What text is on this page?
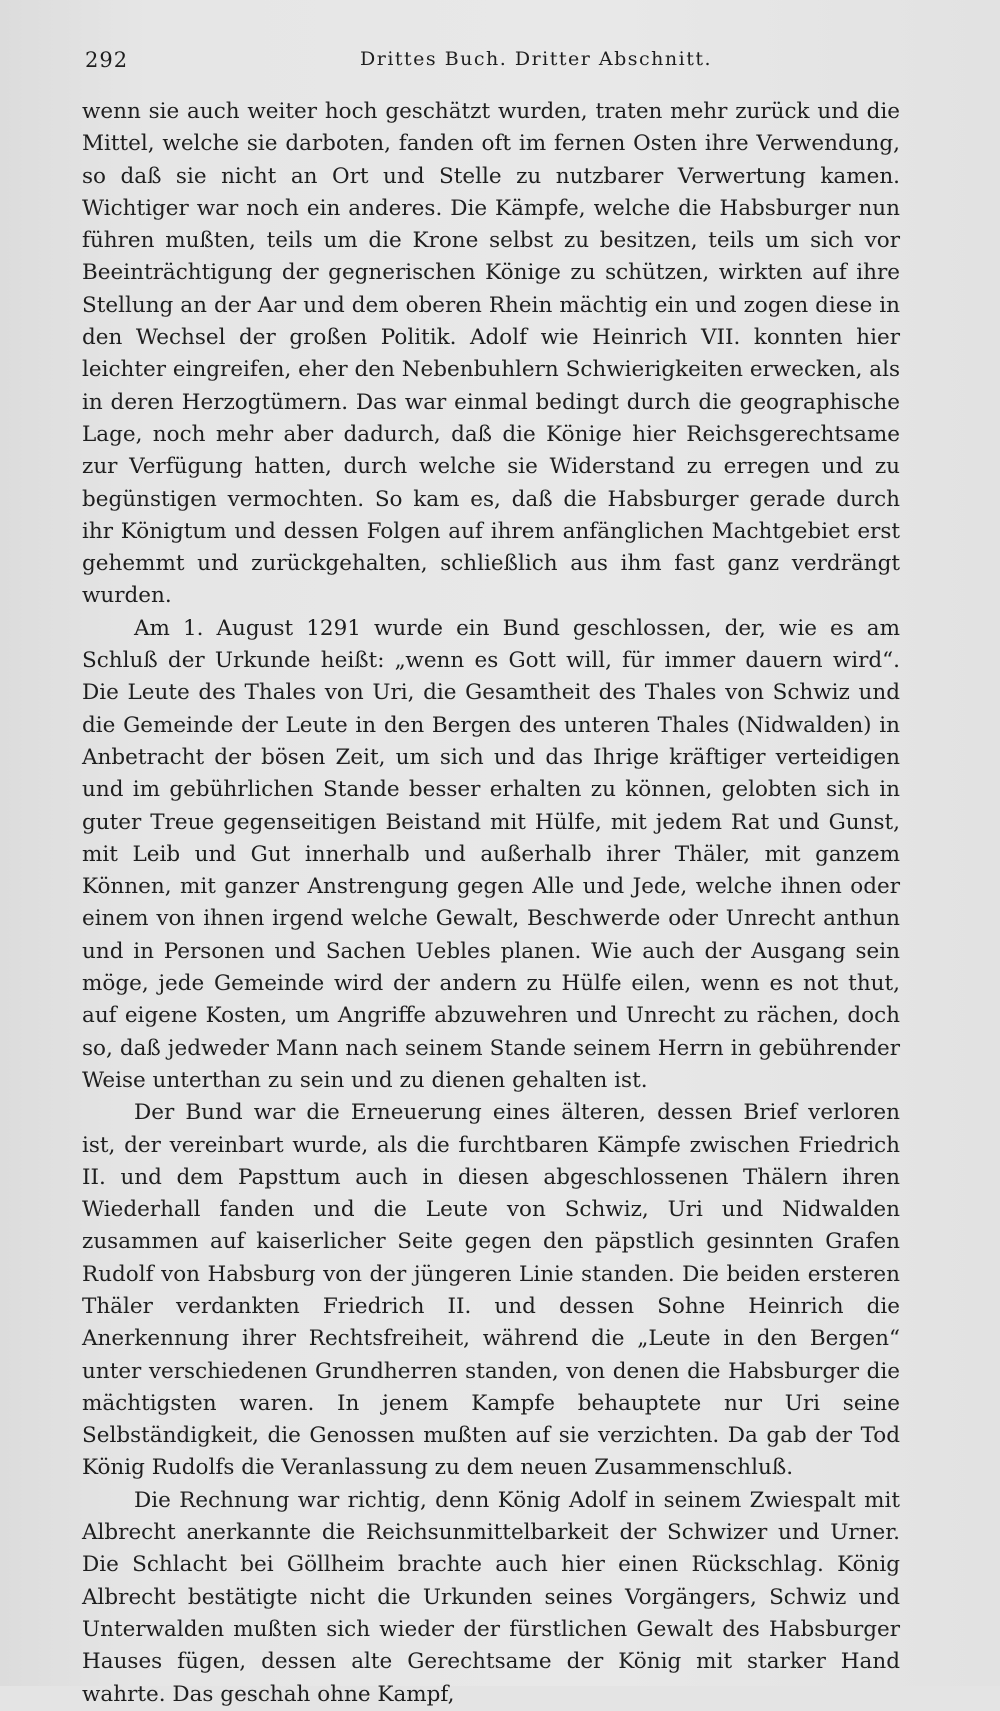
292	Drittes Buch. Dritter Abschnitt.

wenn sie auch weiter hoch geschätzt wurden, traten mehr zurück und die Mittel, welche sie darboten, fanden oft im fernen Osten ihre Verwendung, so daß sie nicht an Ort und Stelle zu nutzbarer Verwertung kamen. Wichtiger war noch ein anderes. Die Kämpfe, welche die Habsburger nun führen mußten, teils um die Krone selbst zu besitzen, teils um sich vor Beeinträchtigung der gegnerischen Könige zu schützen, wirkten auf ihre Stellung an der Aar und dem oberen Rhein mächtig ein und zogen diese in den Wechsel der großen Politik. Adolf wie Heinrich VII. konnten hier leichter eingreifen, eher den Nebenbuhlern Schwierigkeiten erwecken, als in deren Herzogtümern. Das war einmal bedingt durch die geographische Lage, noch mehr aber dadurch, daß die Könige hier Reichsgerechtsame zur Verfügung hatten, durch welche sie Widerstand zu erregen und zu begünstigen vermochten. So kam es, daß die Habsburger gerade durch ihr Königtum und dessen Folgen auf ihrem anfänglichen Machtgebiet erst gehemmt und zurückgehalten, schließlich aus ihm fast ganz verdrängt wurden.

Am 1. August 1291 wurde ein Bund geschlossen, der, wie es am Schluß der Urkunde heißt: „wenn es Gott will, für immer dauern wird“. Die Leute des Thales von Uri, die Gesamtheit des Thales von Schwiz und die Gemeinde der Leute in den Bergen des unteren Thales (Nidwalden) in Anbetracht der bösen Zeit, um sich und das Ihrige kräftiger verteidigen und im gebührlichen Stande besser erhalten zu können, gelobten sich in guter Treue gegenseitigen Beistand mit Hülfe, mit jedem Rat und Gunst, mit Leib und Gut innerhalb und außerhalb ihrer Thäler, mit ganzem Können, mit ganzer Anstrengung gegen Alle und Jede, welche ihnen oder einem von ihnen irgend welche Gewalt, Beschwerde oder Unrecht anthun und in Personen und Sachen Uebles planen. Wie auch der Ausgang sein möge, jede Gemeinde wird der andern zu Hülfe eilen, wenn es not thut, auf eigene Kosten, um Angriffe abzuwehren und Unrecht zu rächen, doch so, daß jedweder Mann nach seinem Stande seinem Herrn in gebührender Weise unterthan zu sein und zu dienen gehalten ist.

Der Bund war die Erneuerung eines älteren, dessen Brief verloren ist, der vereinbart wurde, als die furchtbaren Kämpfe zwischen Friedrich II. und dem Papsttum auch in diesen abgeschlossenen Thälern ihren Wiederhall fanden und die Leute von Schwiz, Uri und Nidwalden zusammen auf kaiserlicher Seite gegen den päpstlich gesinnten Grafen Rudolf von Habsburg von der jüngeren Linie standen. Die beiden ersteren Thäler verdankten Friedrich II. und dessen Sohne Heinrich die Anerkennung ihrer Rechtsfreiheit, während die „Leute in den Bergen“ unter verschiedenen Grundherren standen, von denen die Habsburger die mächtigsten waren. In jenem Kampfe behauptete nur Uri seine Selbständigkeit, die Genossen mußten auf sie verzichten. Da gab der Tod König Rudolfs die Veranlassung zu dem neuen Zusammenschluß.

Die Rechnung war richtig, denn König Adolf in seinem Zwiespalt mit Albrecht anerkannte die Reichsunmittelbarkeit der Schwizer und Urner. Die Schlacht bei Göllheim brachte auch hier einen Rückschlag. König Albrecht bestätigte nicht die Urkunden seines Vorgängers, Schwiz und Unterwalden mußten sich wieder der fürstlichen Gewalt des Habsburger Hauses fügen, dessen alte Gerechtsame der König mit starker Hand wahrte. Das geschah ohne Kampf,
